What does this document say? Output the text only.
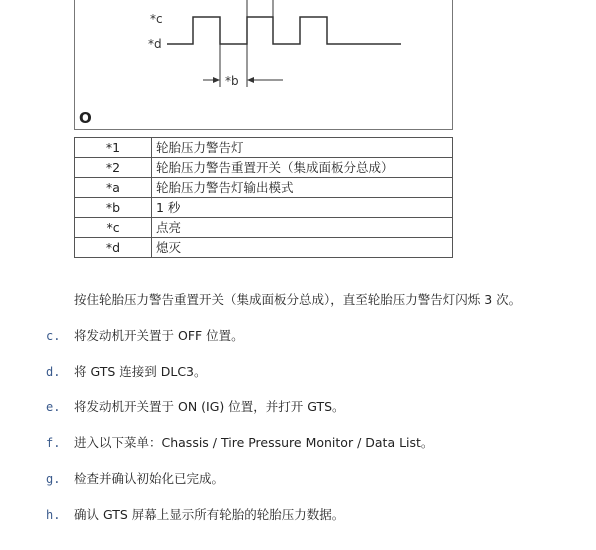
*c
*d
*b
O
*1	轮胎压力警告灯
*2	轮胎压力警告重置开关（集成面板分总成）
*a	轮胎压力警告灯输出模式
*b	1 秒
*c	点亮
*d	熄灭
按住轮胎压力警告重置开关（集成面板分总成），直至轮胎压力警告灯闪烁 3 次。
c. 将发动机开关置于 OFF 位置。
d. 将 GTS 连接到 DLC3。
e. 将发动机开关置于 ON (IG) 位置，并打开 GTS。
f. 进入以下菜单：Chassis / Tire Pressure Monitor / Data List。
g. 检查并确认初始化已完成。
h. 确认 GTS 屏幕上显示所有轮胎的轮胎压力数据。
